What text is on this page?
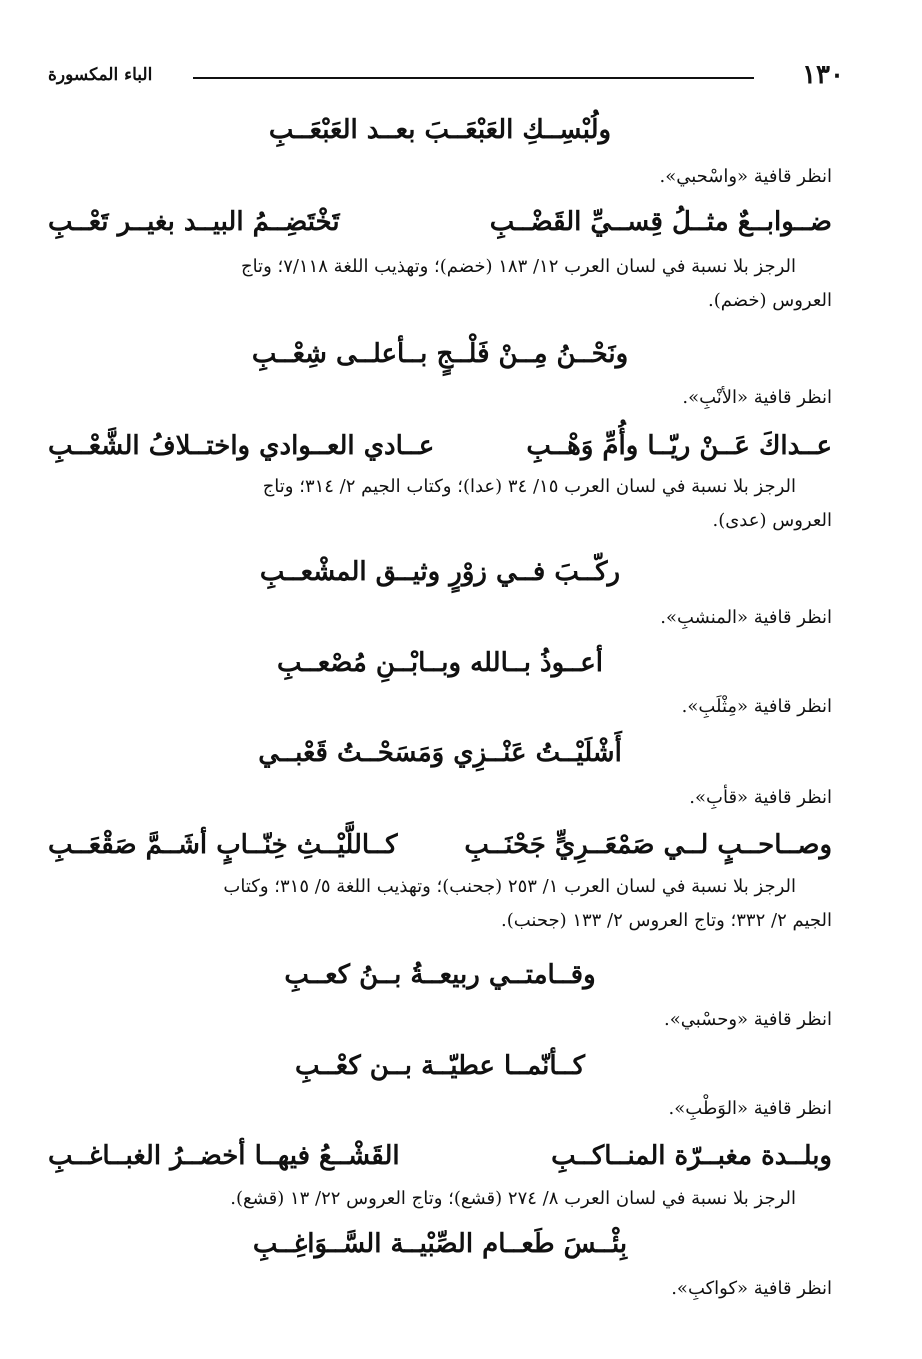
١٣٠
الباء المكسورة
ولُبْسِــكِ العَبْعَــبَ بعــد العَبْعَــبِ
انظر قافية «واسْحبي».
ضــوابــعٌ مثــلُ قِســيِّ القَضْــبِ
تَخْتَضِــمُ البيــد بغيــر تَعْــبِ

الرجز بلا نسبة في لسان العرب ١٢/ ١٨٣ (خضم)؛ وتهذيب اللغة ٧/١١٨؛ وتاج

العروس (خضم).

ونَحْــنُ مِــنْ فَلْــجٍ بــأعلــى شِعْــبِ
انظر قافية «الأنْبِ».
عــداكَ عَــنْ ريّــا وأُمِّ وَهْــبِ
عــادي العــوادي واختــلافُ الشَّعْــبِ

الرجز بلا نسبة في لسان العرب ١٥/ ٣٤ (عدا)؛ وكتاب الجيم ٢/ ٣١٤؛ وتاج

العروس (عدى).

ركّــبَ فــي زوْرٍ وثيــق المشْعــبِ
انظر قافية «المنشبِ».
أعــوذُ بــالله وبــابْــنِ مُصْعــبِ
انظر قافية «مِثْلَبِ».
أَشْلَيْــتُ عَنْــزِي وَمَسَحْــتُ قَعْبــي
انظر قافية «قأبِ».
وصــاحــبٍ لــي صَمْعَــرِيٍّ جَحْنَــبِ
كــاللَّيْــثِ خِنّــابٍ أشَــمَّ صَقْعَــبِ

الرجز بلا نسبة في لسان العرب ١/ ٢٥٣ (جحنب)؛ وتهذيب اللغة ٥/ ٣١٥؛ وكتاب

الجيم ٢/ ٣٣٢؛ وتاج العروس ٢/ ١٣٣ (جحنب).

وقــامتــي ربيعــةُ بــنُ كعــبِ
انظر قافية «وحسْبي».
كــأنّمــا عطيّــة بــن كعْــبِ
انظر قافية «الوَطْبِ».
وبلــدة مغبــرّة المنــاكــبِ
القَشْــعُ فيهــا أخضــرُ الغبــاغــبِ
الرجز بلا نسبة في لسان العرب ٨/ ٢٧٤ (قشع)؛ وتاج العروس ٢٢/ ١٣ (قشع).
بِئْــسَ طَعــام الصِّبْيــة السَّــوَاغِــبِ
انظر قافية «كواكبِ».
